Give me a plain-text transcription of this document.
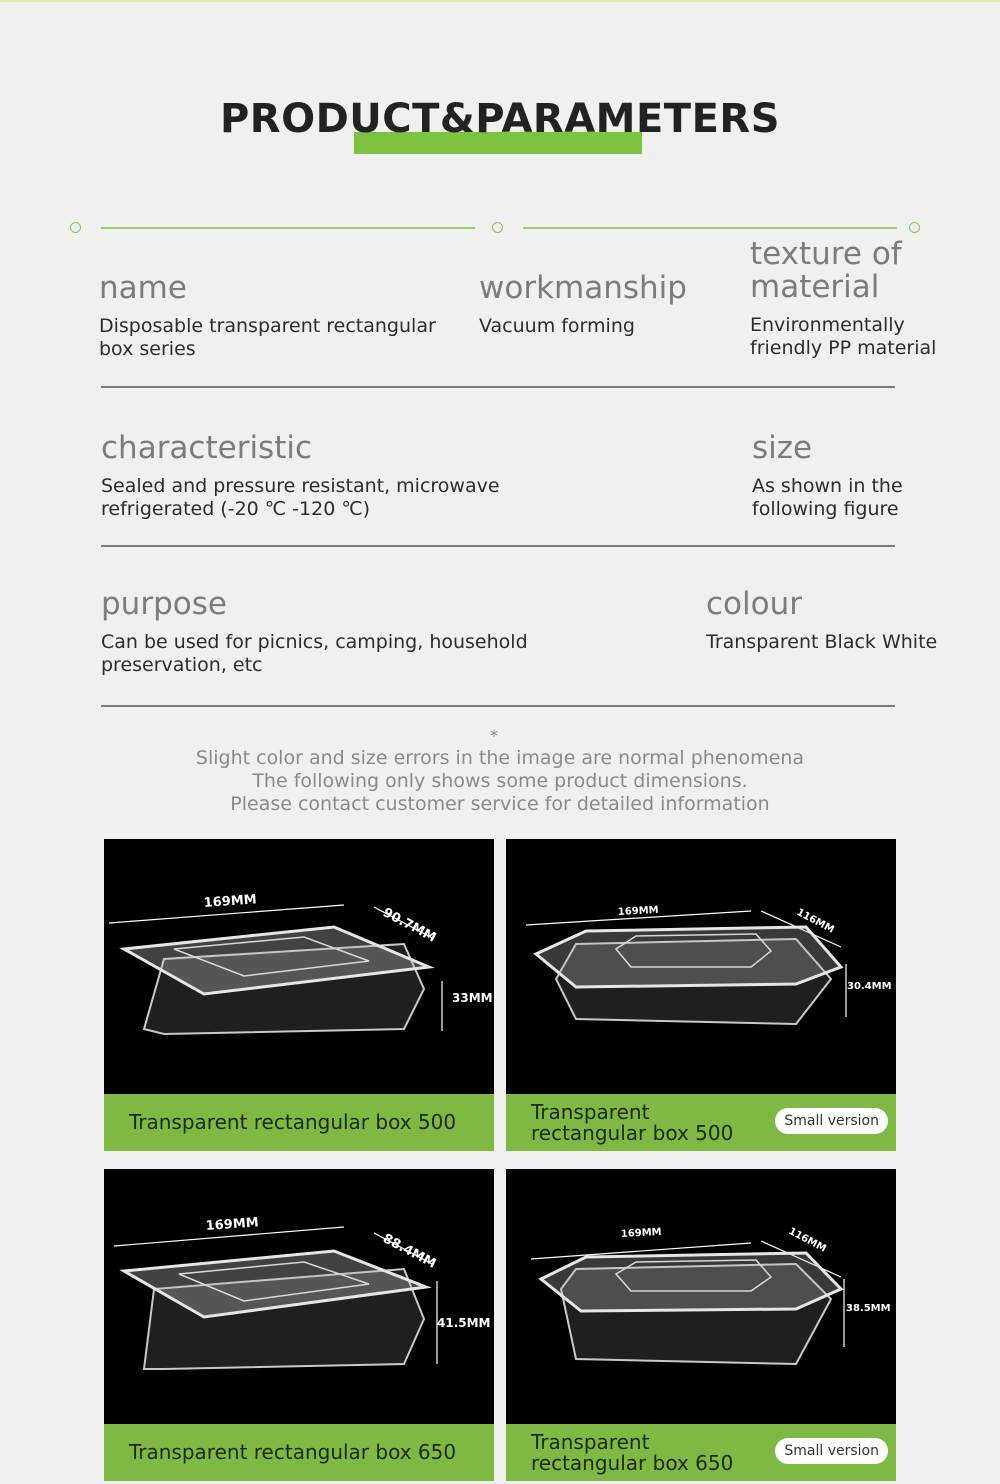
PRODUCT&PARAMETERS
name
Disposable transparent rectangular box series
workmanship
Vacuum forming
texture of material
Environmentally friendly PP material
characteristic
Sealed and pressure resistant, microwave refrigerated (-20 ℃ -120 ℃)
size
As shown in the following figure
purpose
Can be used for picnics, camping, household preservation, etc
colour
Transparent Black White
*
Slight color and size errors in the image are normal phenomena
The following only shows some product dimensions.
Please contact customer service for detailed information
169MM
90.7MM
33MM
Transparent rectangular box 500
169MM	116MM
30.4MM
Transparent rectangular box 500	Small version
169MM
88.4MM
41.5MM
Transparent rectangular box 650
169MM	116MM
38.5MM
Transparent rectangular box 650	Small version
